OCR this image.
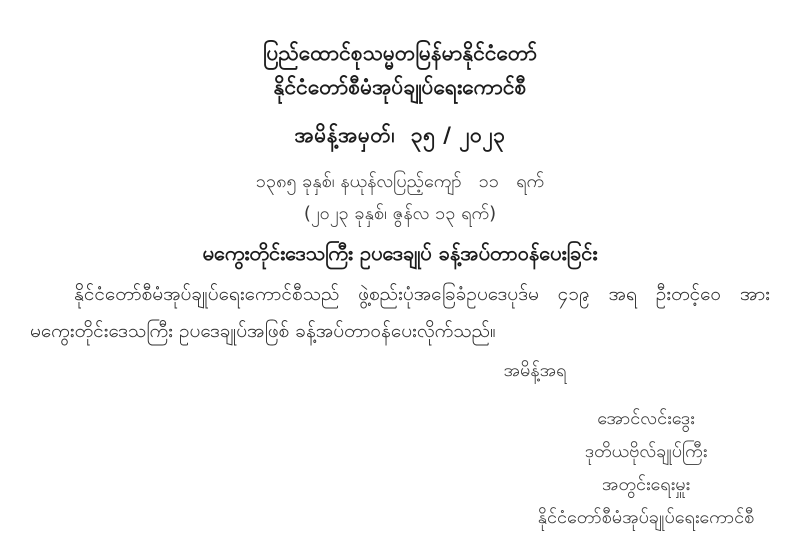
ပြည်ထောင်စုသမ္မတမြန်မာနိုင်ငံတော်
နိုင်ငံတော်စီမံအုပ်ချုပ်ရေးကောင်စီ
အမိန့်အမှတ်၊  ၃၅ / ၂၀၂၃
၁၃၈၅ ခုနှစ်၊ နယုန်လပြည့်ကျော်   ၁၁   ရက်
(၂၀၂၃ ခုနှစ်၊ ဇွန်လ ၁၃ ရက်)
မကွေးတိုင်းဒေသကြီး ဥပဒေချုပ် ခန့်အပ်တာဝန်ပေးခြင်း
နိုင်ငံတော်စီမံအုပ်ချုပ်ရေးကောင်စီသည် ဖွဲ့စည်းပုံအခြေခံဥပဒေပုဒ်မ ၄၁၉ အရ ဦးတင့်ဝေ အား မကွေးတိုင်းဒေသကြီး ဥပဒေချုပ်အဖြစ် ခန့်အပ်တာဝန်ပေးလိုက်သည်။
အမိန့်အရ
အောင်လင်းဒွေး
ဒုတိယဗိုလ်ချုပ်ကြီး
အတွင်းရေးမှူး
နိုင်ငံတော်စီမံအုပ်ချုပ်ရေးကောင်စီ
